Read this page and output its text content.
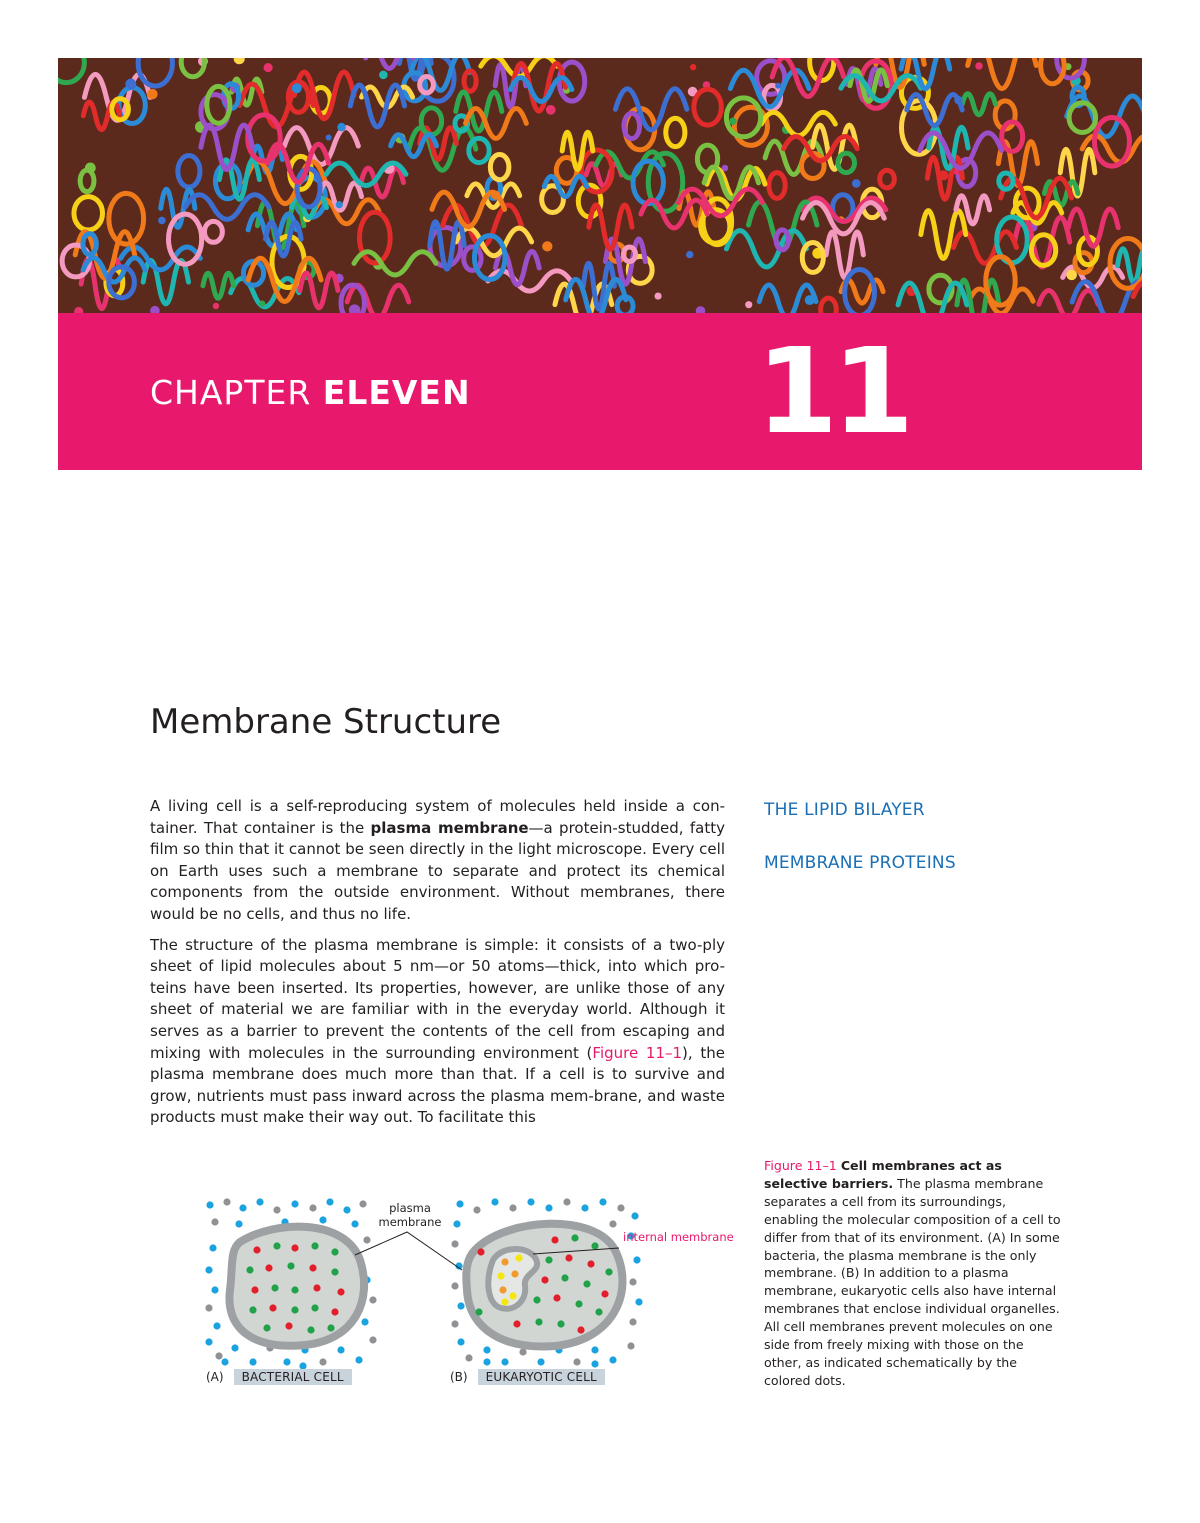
CHAPTER ELEVEN 11
Membrane Structure

A living cell is a self-reproducing system of molecules held inside a con-tainer. That container is the plasma membrane—a protein-studded, fatty film so thin that it cannot be seen directly in the light microscope. Every cell on Earth uses such a membrane to separate and protect its chemical components from the outside environment. Without membranes, there would be no cells, and thus no life.

The structure of the plasma membrane is simple: it consists of a two-ply sheet of lipid molecules about 5 nm—or 50 atoms—thick, into which pro-teins have been inserted. Its properties, however, are unlike those of any sheet of material we are familiar with in the everyday world. Although it serves as a barrier to prevent the contents of the cell from escaping and mixing with molecules in the surrounding environment (Figure 11–1), the plasma membrane does much more than that. If a cell is to survive and grow, nutrients must pass inward across the plasma mem-brane, and waste products must make their way out. To facilitate this

THE LIPID BILAYER
MEMBRANE PROTEINS
plasma membrane
internal membrane
(A)	BACTERIAL CELL	(B)	EUKARYOTIC CELL
Figure 11–1 Cell membranes act as selective barriers. The plasma membrane separates a cell from its surroundings, enabling the molecular composition of a cell to differ from that of its environment. (A) In some bacteria, the plasma membrane is the only membrane. (B) In addition to a plasma membrane, eukaryotic cells also have internal membranes that enclose individual organelles. All cell membranes prevent molecules on one side from freely mixing with those on the other, as indicated schematically by the colored dots.
